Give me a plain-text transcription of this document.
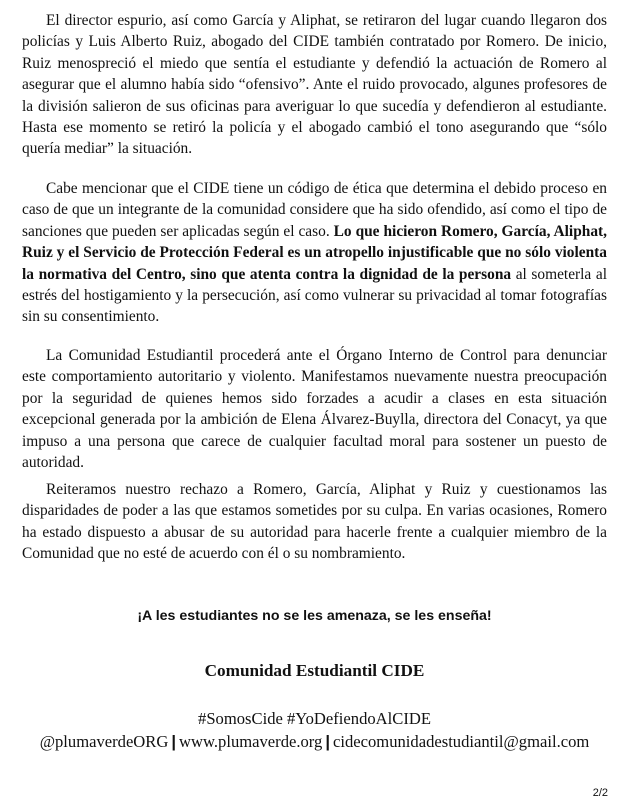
El director espurio, así como García y Aliphat, se retiraron del lugar cuando llegaron dos policías y Luis Alberto Ruiz, abogado del CIDE también contratado por Romero. De inicio, Ruiz menospreció el miedo que sentía el estudiante y defendió la actuación de Romero al asegurar que el alumno había sido “ofensivo”. Ante el ruido provocado, algunes profesores de la división salieron de sus oficinas para averiguar lo que sucedía y defendieron al estudiante. Hasta ese momento se retiró la policía y el abogado cambió el tono asegurando que “sólo quería mediar” la situación.

Cabe mencionar que el CIDE tiene un código de ética que determina el debido proceso en caso de que un integrante de la comunidad considere que ha sido ofendido, así como el tipo de sanciones que pueden ser aplicadas según el caso. Lo que hicieron Romero, García, Aliphat, Ruiz y el Servicio de Protección Federal es un atropello injustificable que no sólo violenta la normativa del Centro, sino que atenta contra la dignidad de la persona al someterla al estrés del hostigamiento y la persecución, así como vulnerar su privacidad al tomar fotografías sin su consentimiento.

La Comunidad Estudiantil procederá ante el Órgano Interno de Control para denunciar este comportamiento autoritario y violento. Manifestamos nuevamente nuestra preocupación por la seguridad de quienes hemos sido forzades a acudir a clases en esta situación excepcional generada por la ambición de Elena Álvarez-Buylla, directora del Conacyt, ya que impuso a una persona que carece de cualquier facultad moral para sostener un puesto de autoridad.

Reiteramos nuestro rechazo a Romero, García, Aliphat y Ruiz y cuestionamos las disparidades de poder a las que estamos sometides por su culpa. En varias ocasiones, Romero ha estado dispuesto a abusar de su autoridad para hacerle frente a cualquier miembro de la Comunidad que no esté de acuerdo con él o su nombramiento.

¡A les estudiantes no se les amenaza, se les enseña!
Comunidad Estudiantil CIDE
#SomosCide #YoDefiendoAlCIDE
@plumaverdeORG | www.plumaverde.org | cidecomunidadestudiantil@gmail.com
2/2
